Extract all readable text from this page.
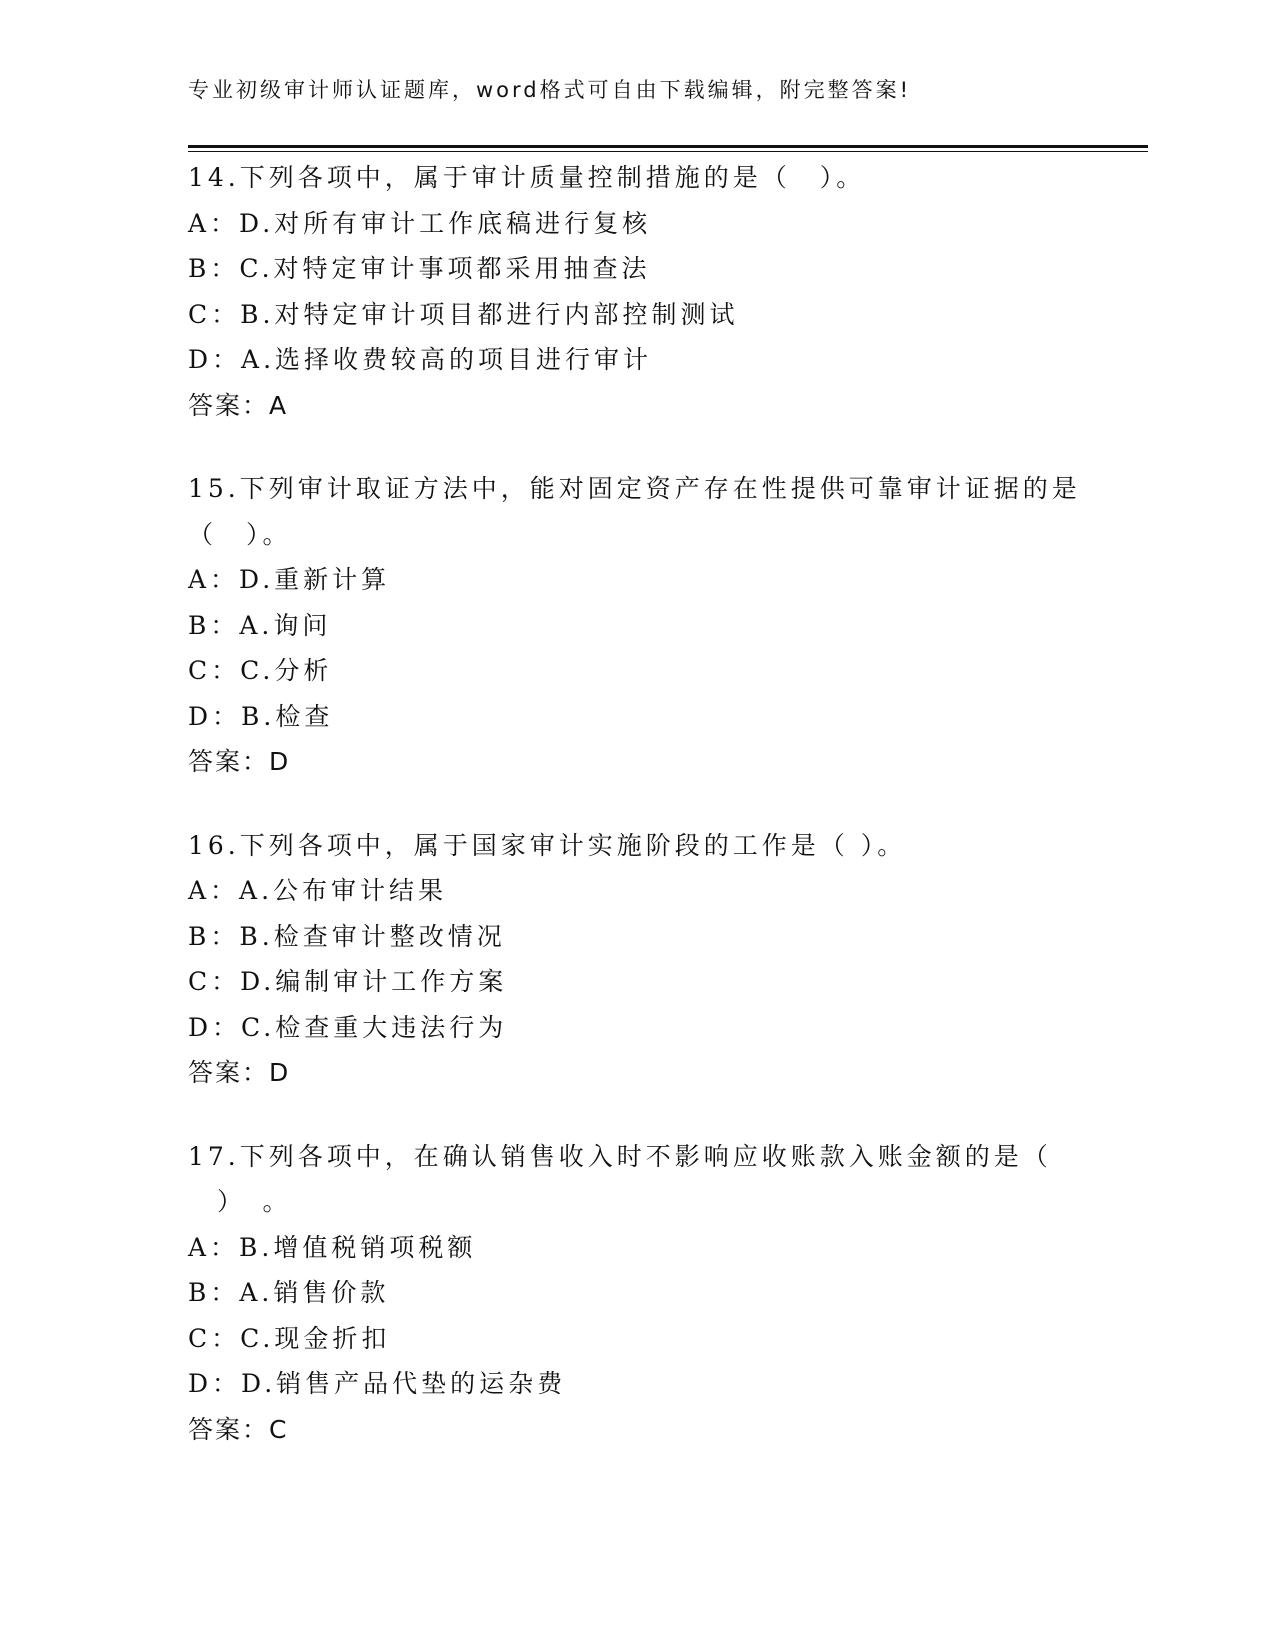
专业初级审计师认证题库，word格式可自由下载编辑，附完整答案!
14.下列各项中，属于审计质量控制措施的是（　）。
A：D.对所有审计工作底稿进行复核
B：C.对特定审计事项都采用抽查法
C：B.对特定审计项目都进行内部控制测试
D：A.选择收费较高的项目进行审计
答案：A
15.下列审计取证方法中，能对固定资产存在性提供可靠审计证据的是
（　）。
A：D.重新计算
B：A.询问
C：C.分析
D：B.检查
答案：D
16.下列各项中，属于国家审计实施阶段的工作是（ ）。
A：A.公布审计结果
B：B.检查审计整改情况
C：D.编制审计工作方案
D：C.检查重大违法行为
答案：D
17.下列各项中，在确认销售收入时不影响应收账款入账金额的是（
　）　。
A：B.增值税销项税额
B：A.销售价款
C：C.现金折扣
D：D.销售产品代垫的运杂费
答案：C
